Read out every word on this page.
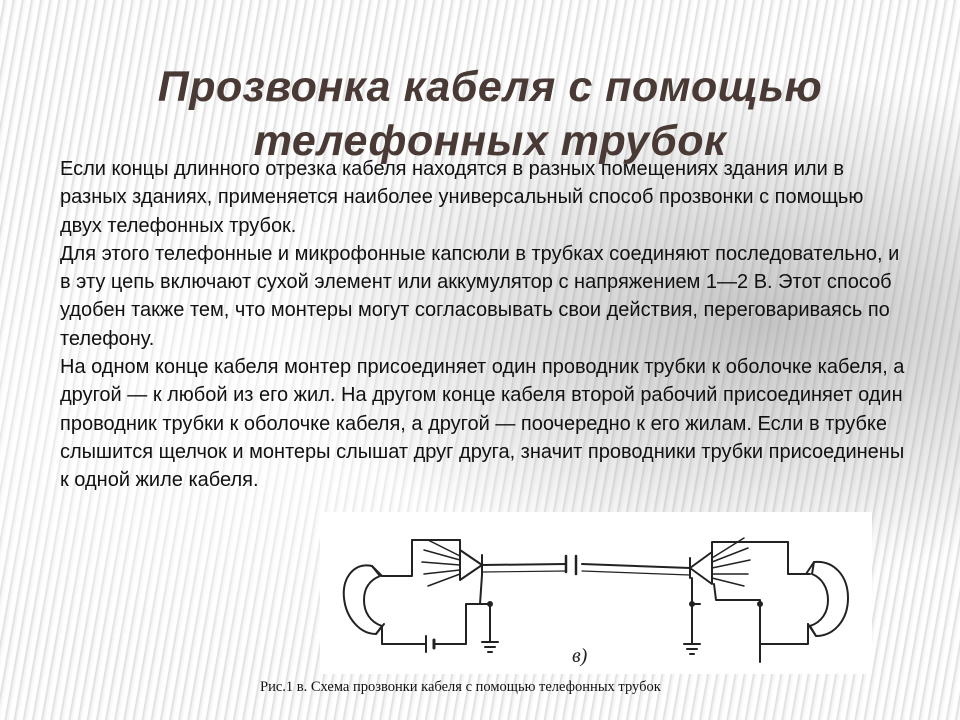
Прозвонка кабеля с помощью телефонных трубок

Если концы длинного отрезка кабеля находятся в разных помещениях здания или в разных зданиях, применяется наиболее универсальный способ прозвонки с помощью двух телефонных трубок.

Для этого телефонные и микрофонные капсюли в трубках соединяют последовательно, и в эту цепь включают сухой элемент или аккумулятор с напряжением 1—2 В. Этот способ удобен также тем, что монтеры могут согласовывать свои действия, переговариваясь по телефону.

На одном конце кабеля монтер присоединяет один проводник трубки к оболочке кабеля, а другой — к любой из его жил. На другом конце кабеля второй рабочий присоединяет один проводник трубки к оболочке кабеля, а другой — поочередно к его жилам. Если в трубке слышится щелчок и монтеры слышат друг друга, значит проводники трубки присоединены к одной жиле кабеля.

в)
Рис.1 в. Схема прозвонки кабеля с помощью телефонных трубок
